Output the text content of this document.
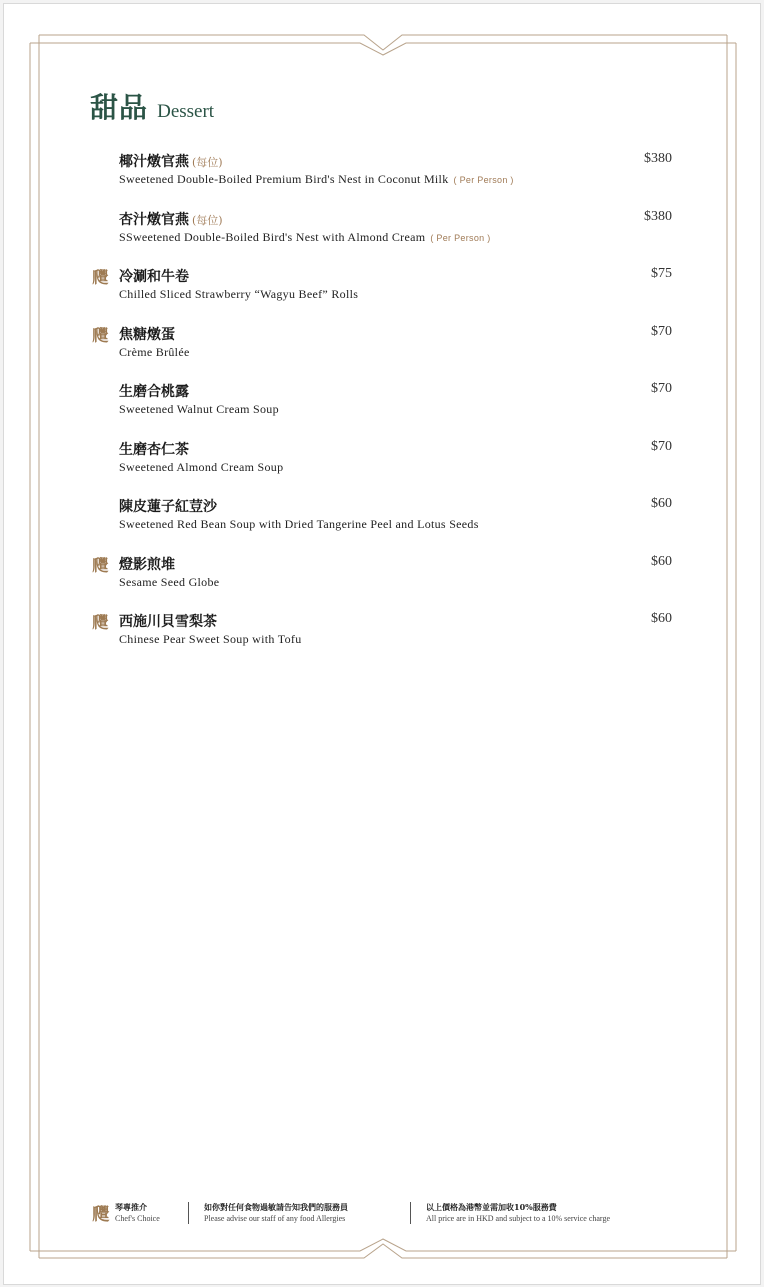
甜品 Dessert
椰汁燉官燕 (每位)
Sweetened Double-Boiled Premium Bird's Nest in Coconut Milk ( Per Person )
$380
杏汁燉官燕 (每位)
SSweetened Double-Boiled Bird's Nest with Almond Cream ( Per Person )
$380
𤕊 冷涮和牛卷
Chilled Sliced Strawberry “Wagyu Beef” Rolls
$75
𤕊 焦糖燉蛋
Crème Brûlée
$70
生磨合桃露
Sweetened Walnut Cream Soup
$70
生磨杏仁茶
Sweetened Almond Cream Soup
$70
陳皮蓮子紅荳沙
Sweetened Red Bean Soup with Dried Tangerine Peel and Lotus Seeds
$60
𤕊 燈影煎堆
Sesame Seed Globe
$60
𤕊 西施川貝雪梨茶
Chinese Pear Sweet Soup with Tofu
$60
𤕊 琴專推介
Chef's Choice
如你對任何食物過敏請告知我們的服務員
Please advise our staff of any food Allergies
以上價格為港幣並需加收10%服務費
All price are in HKD and subject to a 10% service charge
